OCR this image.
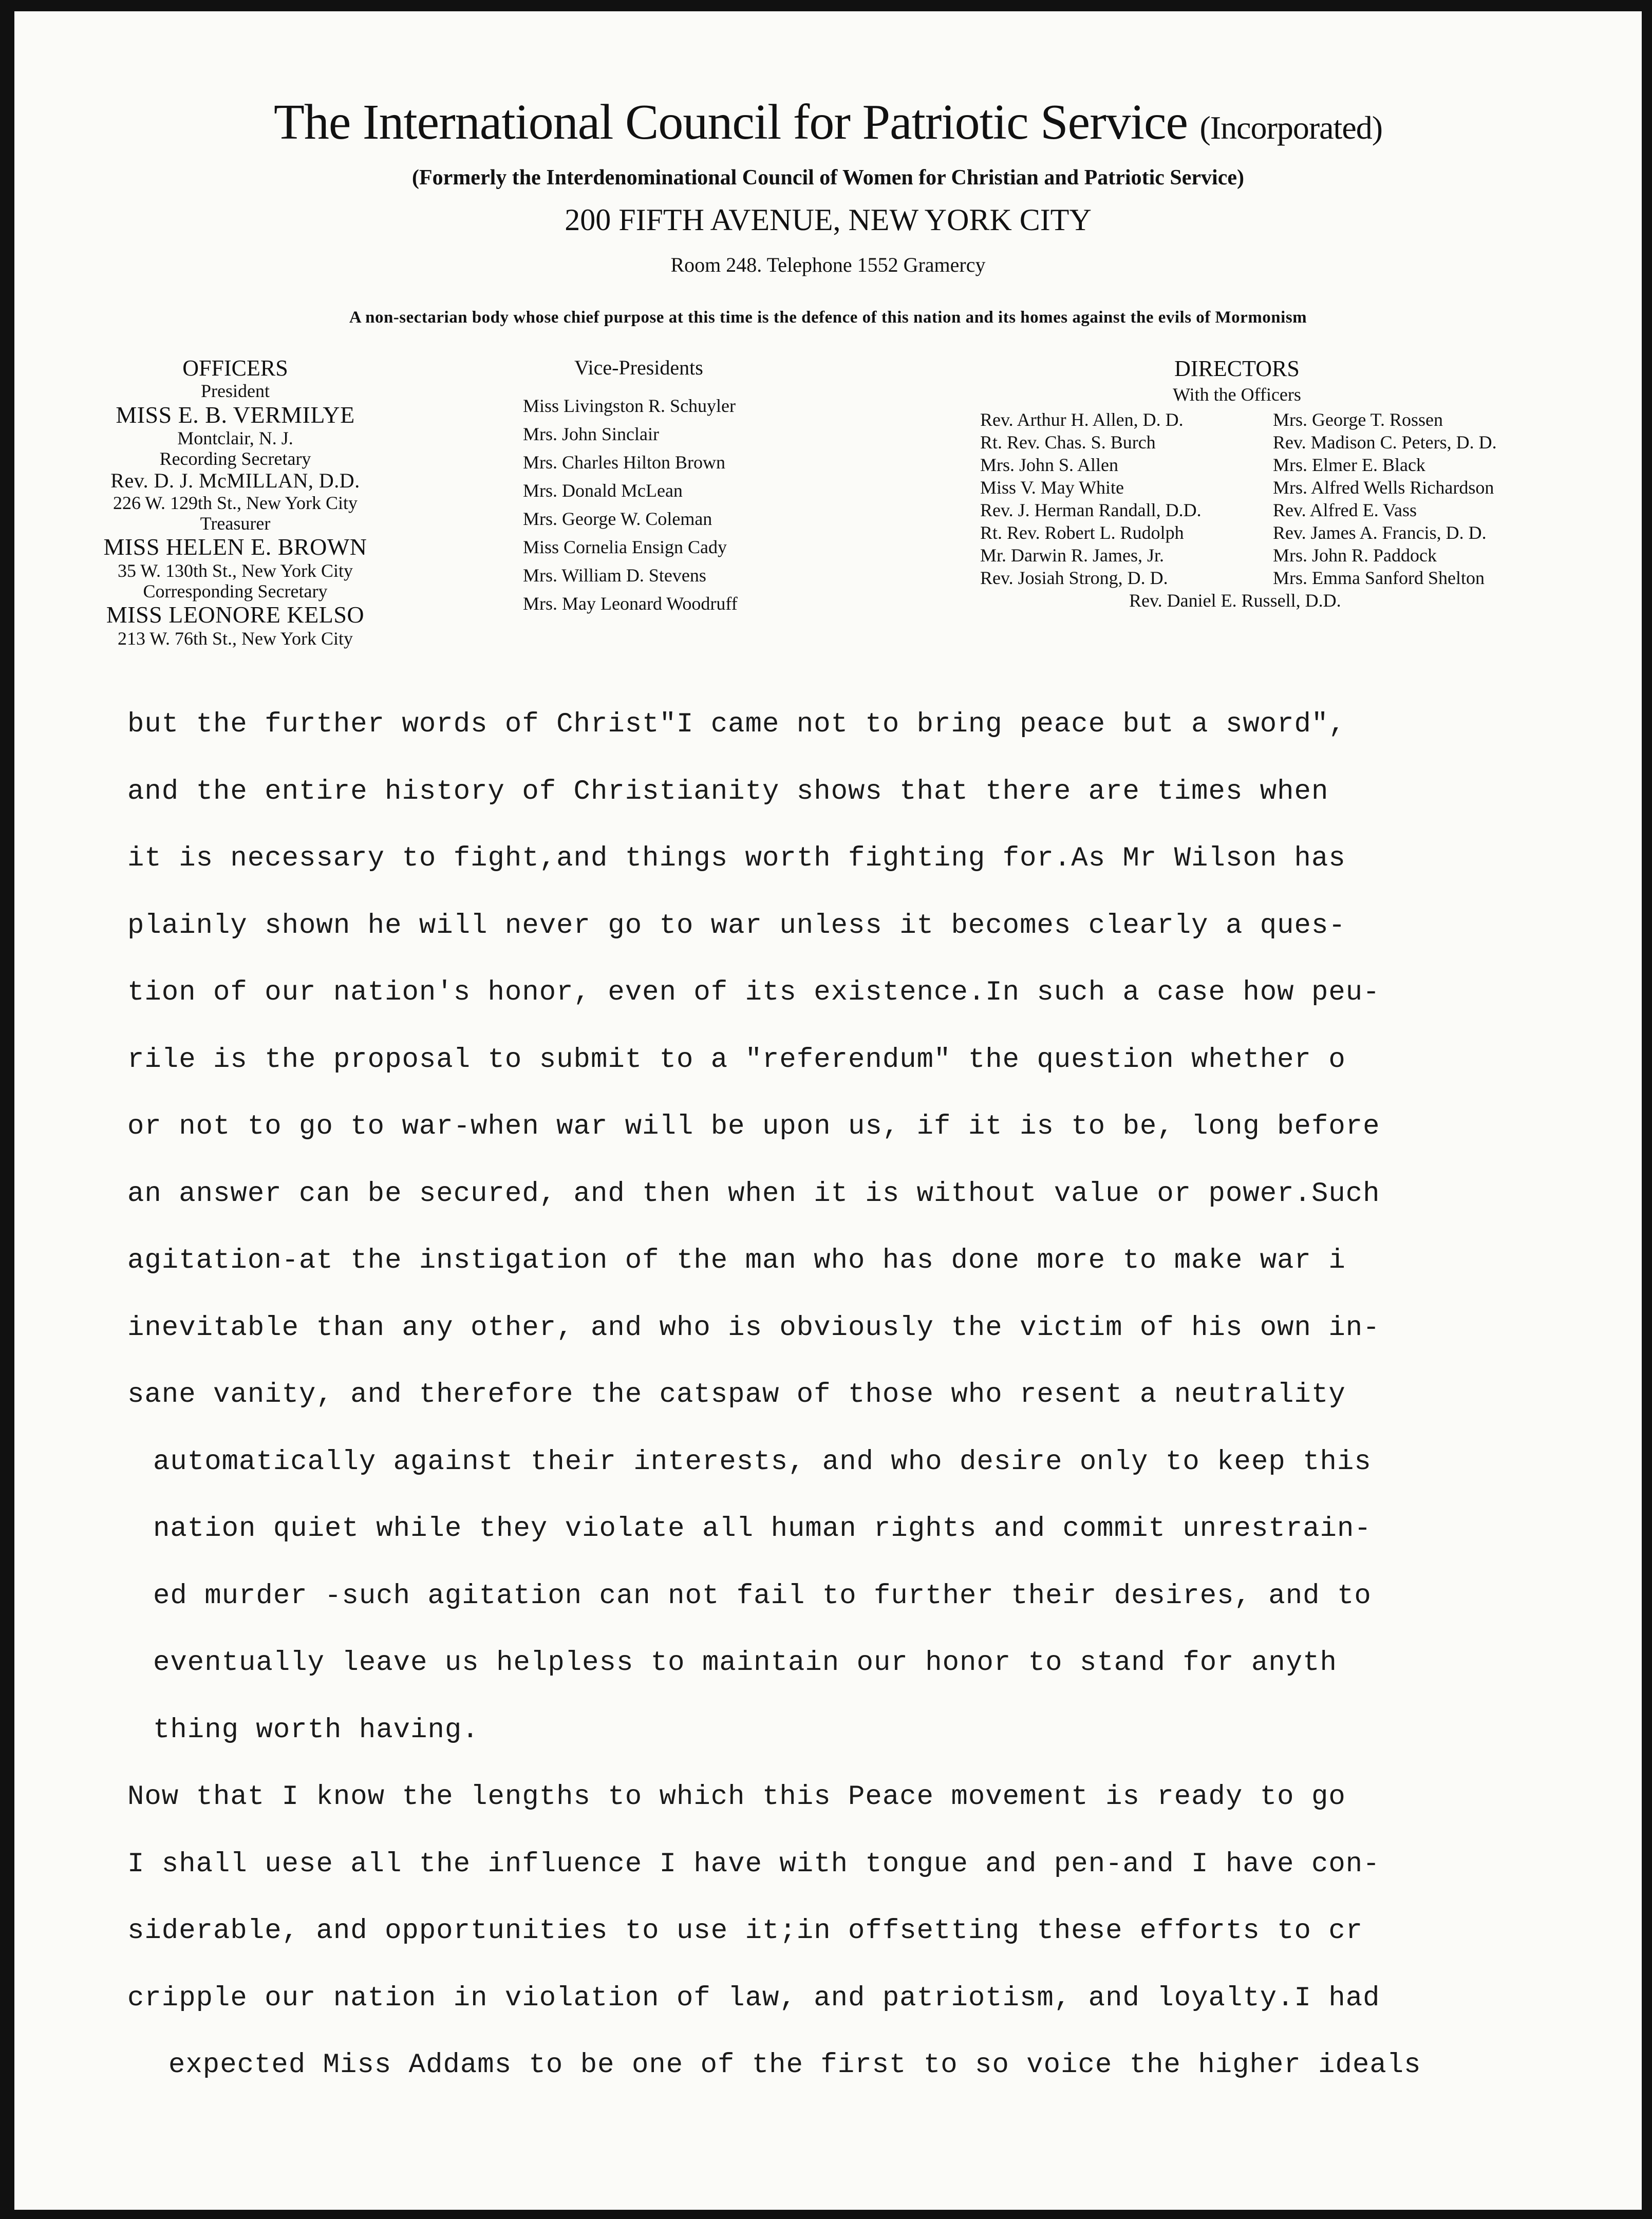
The International Council for Patriotic Service (Incorporated)
(Formerly the Interdenominational Council of Women for Christian and Patriotic Service)
200 FIFTH AVENUE, NEW YORK CITY
Room 248. Telephone 1552 Gramercy
A non-sectarian body whose chief purpose at this time is the defence of this nation and its homes against the evils of Mormonism
OFFICERS
President
MISS E. B. VERMILYE
Montclair, N. J.
Recording Secretary
Rev. D. J. McMILLAN, D.D.
226 W. 129th St., New York City
Treasurer
MISS HELEN E. BROWN
35 W. 130th St., New York City
Corresponding Secretary
MISS LEONORE KELSO
213 W. 76th St., New York City
Vice-Presidents
Miss Livingston R. Schuyler
Mrs. John Sinclair
Mrs. Charles Hilton Brown
Mrs. Donald McLean
Mrs. George W. Coleman
Miss Cornelia Ensign Cady
Mrs. William D. Stevens
Mrs. May Leonard Woodruff
DIRECTORS
With the Officers
Rev. Arthur H. Allen, D. D.	Mrs. George T. Rossen
Rt. Rev. Chas. S. Burch	Rev. Madison C. Peters, D. D.
Mrs. John S. Allen	Mrs. Elmer E. Black
Miss V. May White	Mrs. Alfred Wells Richardson
Rev. J. Herman Randall, D.D.	Rev. Alfred E. Vass
Rt. Rev. Robert L. Rudolph	Rev. James A. Francis, D. D.
Mr. Darwin R. James, Jr.	Mrs. John R. Paddock
Rev. Josiah Strong, D. D.	Mrs. Emma Sanford Shelton
Rev. Daniel E. Russell, D.D.
but the further words of Christ"I came not to bring peace but a sword",
and the entire history of Christianity shows that there are times when
it is necessary to fight,and things worth fighting for.As Mr Wilson has
plainly shown he will never go to war unless it becomes clearly a ques-
tion of our nation's honor, even of its existence.In such a case how peu-
rile is the proposal to submit to a "referendum" the question whether o
or not to go to war-when war will be upon us, if it is to be, long before
an answer can be secured, and then when it is without value or power.Such
agitation-at the instigation of the man who has done more to make war i
inevitable than any other, and who is obviously the victim of his own in-
sane vanity, and therefore the catspaw of those who resent a neutrality
automatically against their interests, and who desire only to keep this
nation quiet while they violate all human rights and commit unrestrain-
ed murder -such agitation can not fail to further their desires, and to
eventually leave us helpless to maintain our honor to stand for anyth
thing worth having.
Now that I know the lengths to which this Peace movement is ready to go
I shall uese all the influence I have with tongue and pen-and I have con-
siderable, and opportunities to use it;in offsetting these efforts to cr
cripple our nation in violation of law, and patriotism, and loyalty.I had
expected Miss Addams to be one of the first to so voice the higher ideals
